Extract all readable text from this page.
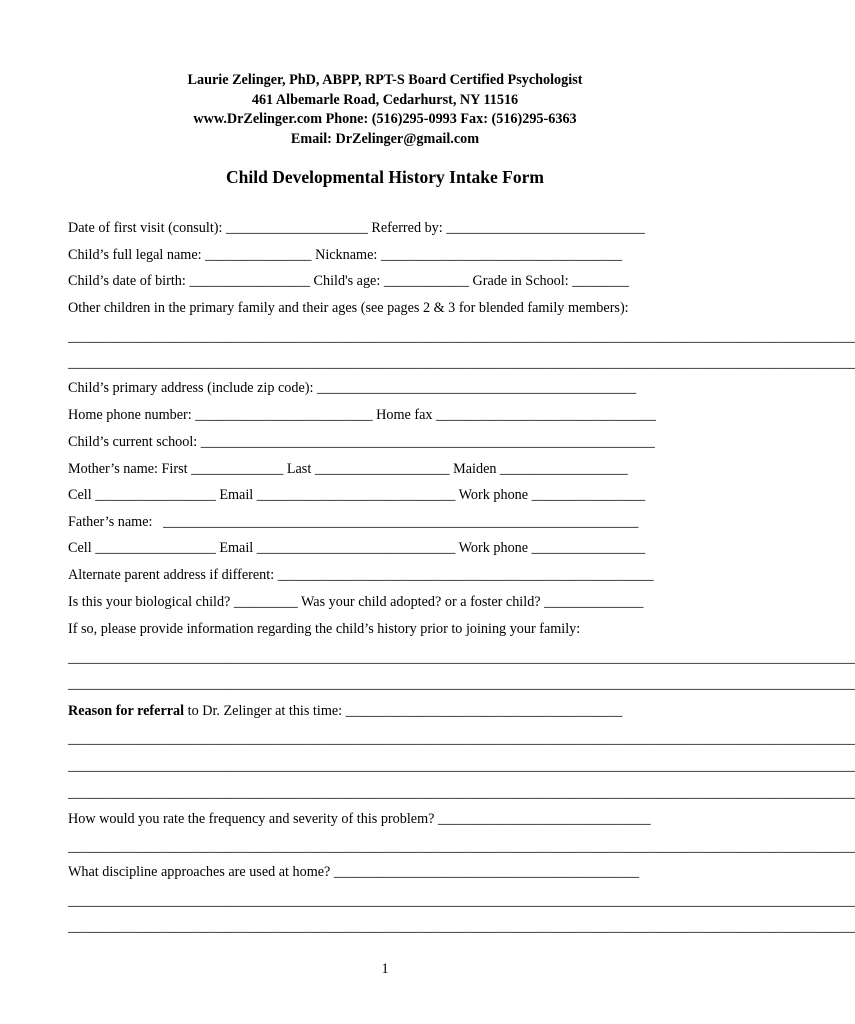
Laurie Zelinger, PhD, ABPP, RPT-S Board Certified Psychologist
461 Albemarle Road, Cedarhurst, NY 11516
www.DrZelinger.com Phone: (516)295-0993 Fax: (516)295-6363
Email: DrZelinger@gmail.com
Child Developmental History Intake Form
Date of first visit (consult): ____________________ Referred by: ____________________________
Child’s full legal name: _______________ Nickname: __________________________________
Child’s date of birth: _________________ Child's age: ____________ Grade in School: ________
Other children in the primary family and their ages (see pages 2 & 3 for blended family members):
_______________________________________________________________________________________________________________
_______________________________________________________________________________________________________________
Child’s primary address (include zip code): _____________________________________________
Home phone number: _________________________ Home fax _______________________________
Child’s current school: ________________________________________________________________
Mother’s name: First _____________ Last ___________________ Maiden __________________
Cell _________________ Email ____________________________ Work phone ________________
Father’s name:   ___________________________________________________________________
Cell _________________ Email ____________________________ Work phone ________________
Alternate parent address if different: _____________________________________________________
Is this your biological child? _________ Was your child adopted? or a foster child? ______________
If so, please provide information regarding the child’s history prior to joining your family:
_______________________________________________________________________________________________________________
_______________________________________________________________________________________________________________
Reason for referral to Dr. Zelinger at this time: _______________________________________
_______________________________________________________________________________________________________________
_______________________________________________________________________________________________________________
_______________________________________________________________________________________________________________
How would you rate the frequency and severity of this problem? ______________________________
_______________________________________________________________________________________________________________
What discipline approaches are used at home? ___________________________________________
_______________________________________________________________________________________________________________
_______________________________________________________________________________________________________________
1
